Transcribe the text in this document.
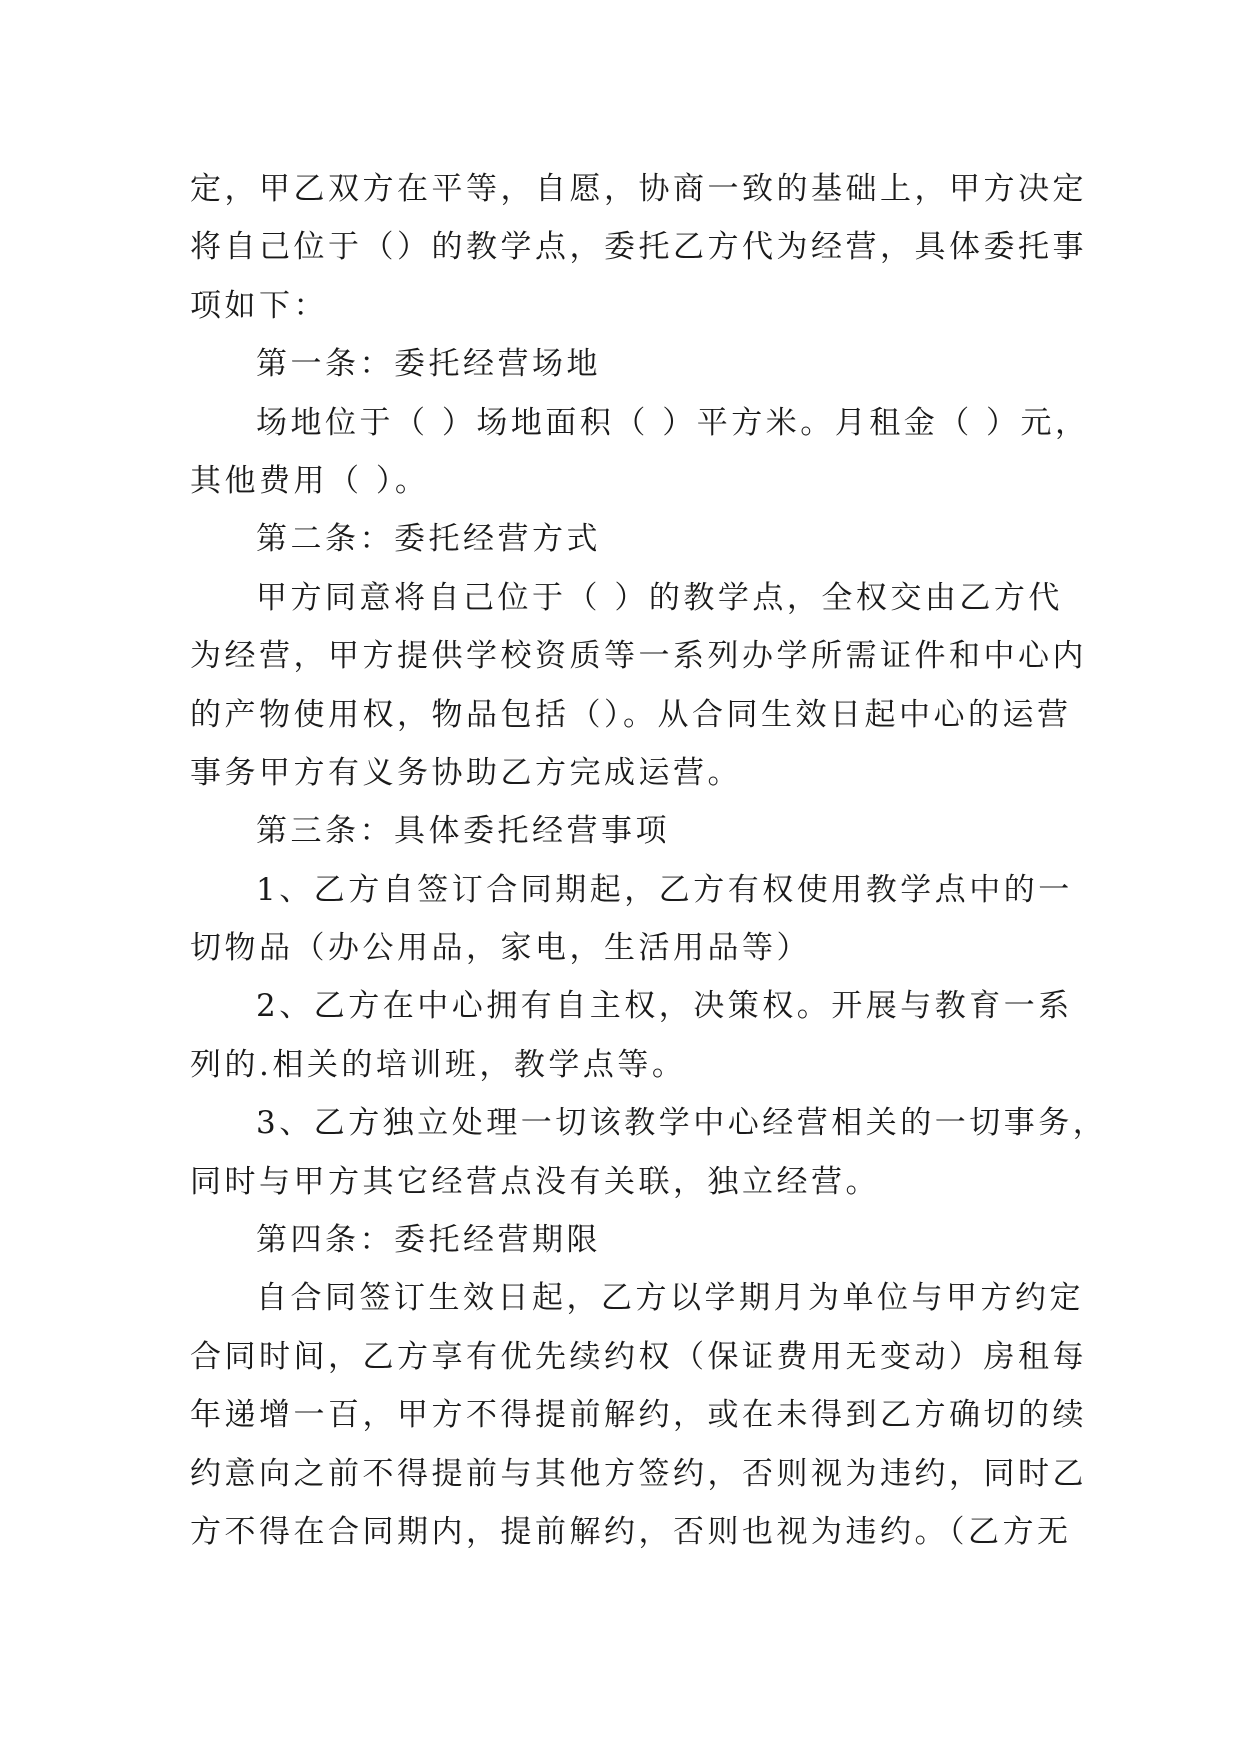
定，甲乙双方在平等，自愿，协商一致的基础上，甲方决定
将自己位于（）的教学点，委托乙方代为经营，具体委托事
项如下：
第一条：委托经营场地
场地位于（ ）场地面积（ ）平方米。月租金（ ）元，
其他费用（ ）。
第二条：委托经营方式
甲方同意将自己位于（ ）的教学点，全权交由乙方代
为经营，甲方提供学校资质等一系列办学所需证件和中心内
的产物使用权，物品包括（）。从合同生效日起中心的运营
事务甲方有义务协助乙方完成运营。
第三条：具体委托经营事项
1、乙方自签订合同期起，乙方有权使用教学点中的一
切物品（办公用品，家电，生活用品等）
2、乙方在中心拥有自主权，决策权。开展与教育一系
列的.相关的培训班，教学点等。
3、乙方独立处理一切该教学中心经营相关的一切事务，
同时与甲方其它经营点没有关联，独立经营。
第四条：委托经营期限
自合同签订生效日起，乙方以学期月为单位与甲方约定
合同时间，乙方享有优先续约权（保证费用无变动）房租每
年递增一百，甲方不得提前解约，或在未得到乙方确切的续
约意向之前不得提前与其他方签约，否则视为违约，同时乙
方不得在合同期内，提前解约，否则也视为违约。（乙方无
